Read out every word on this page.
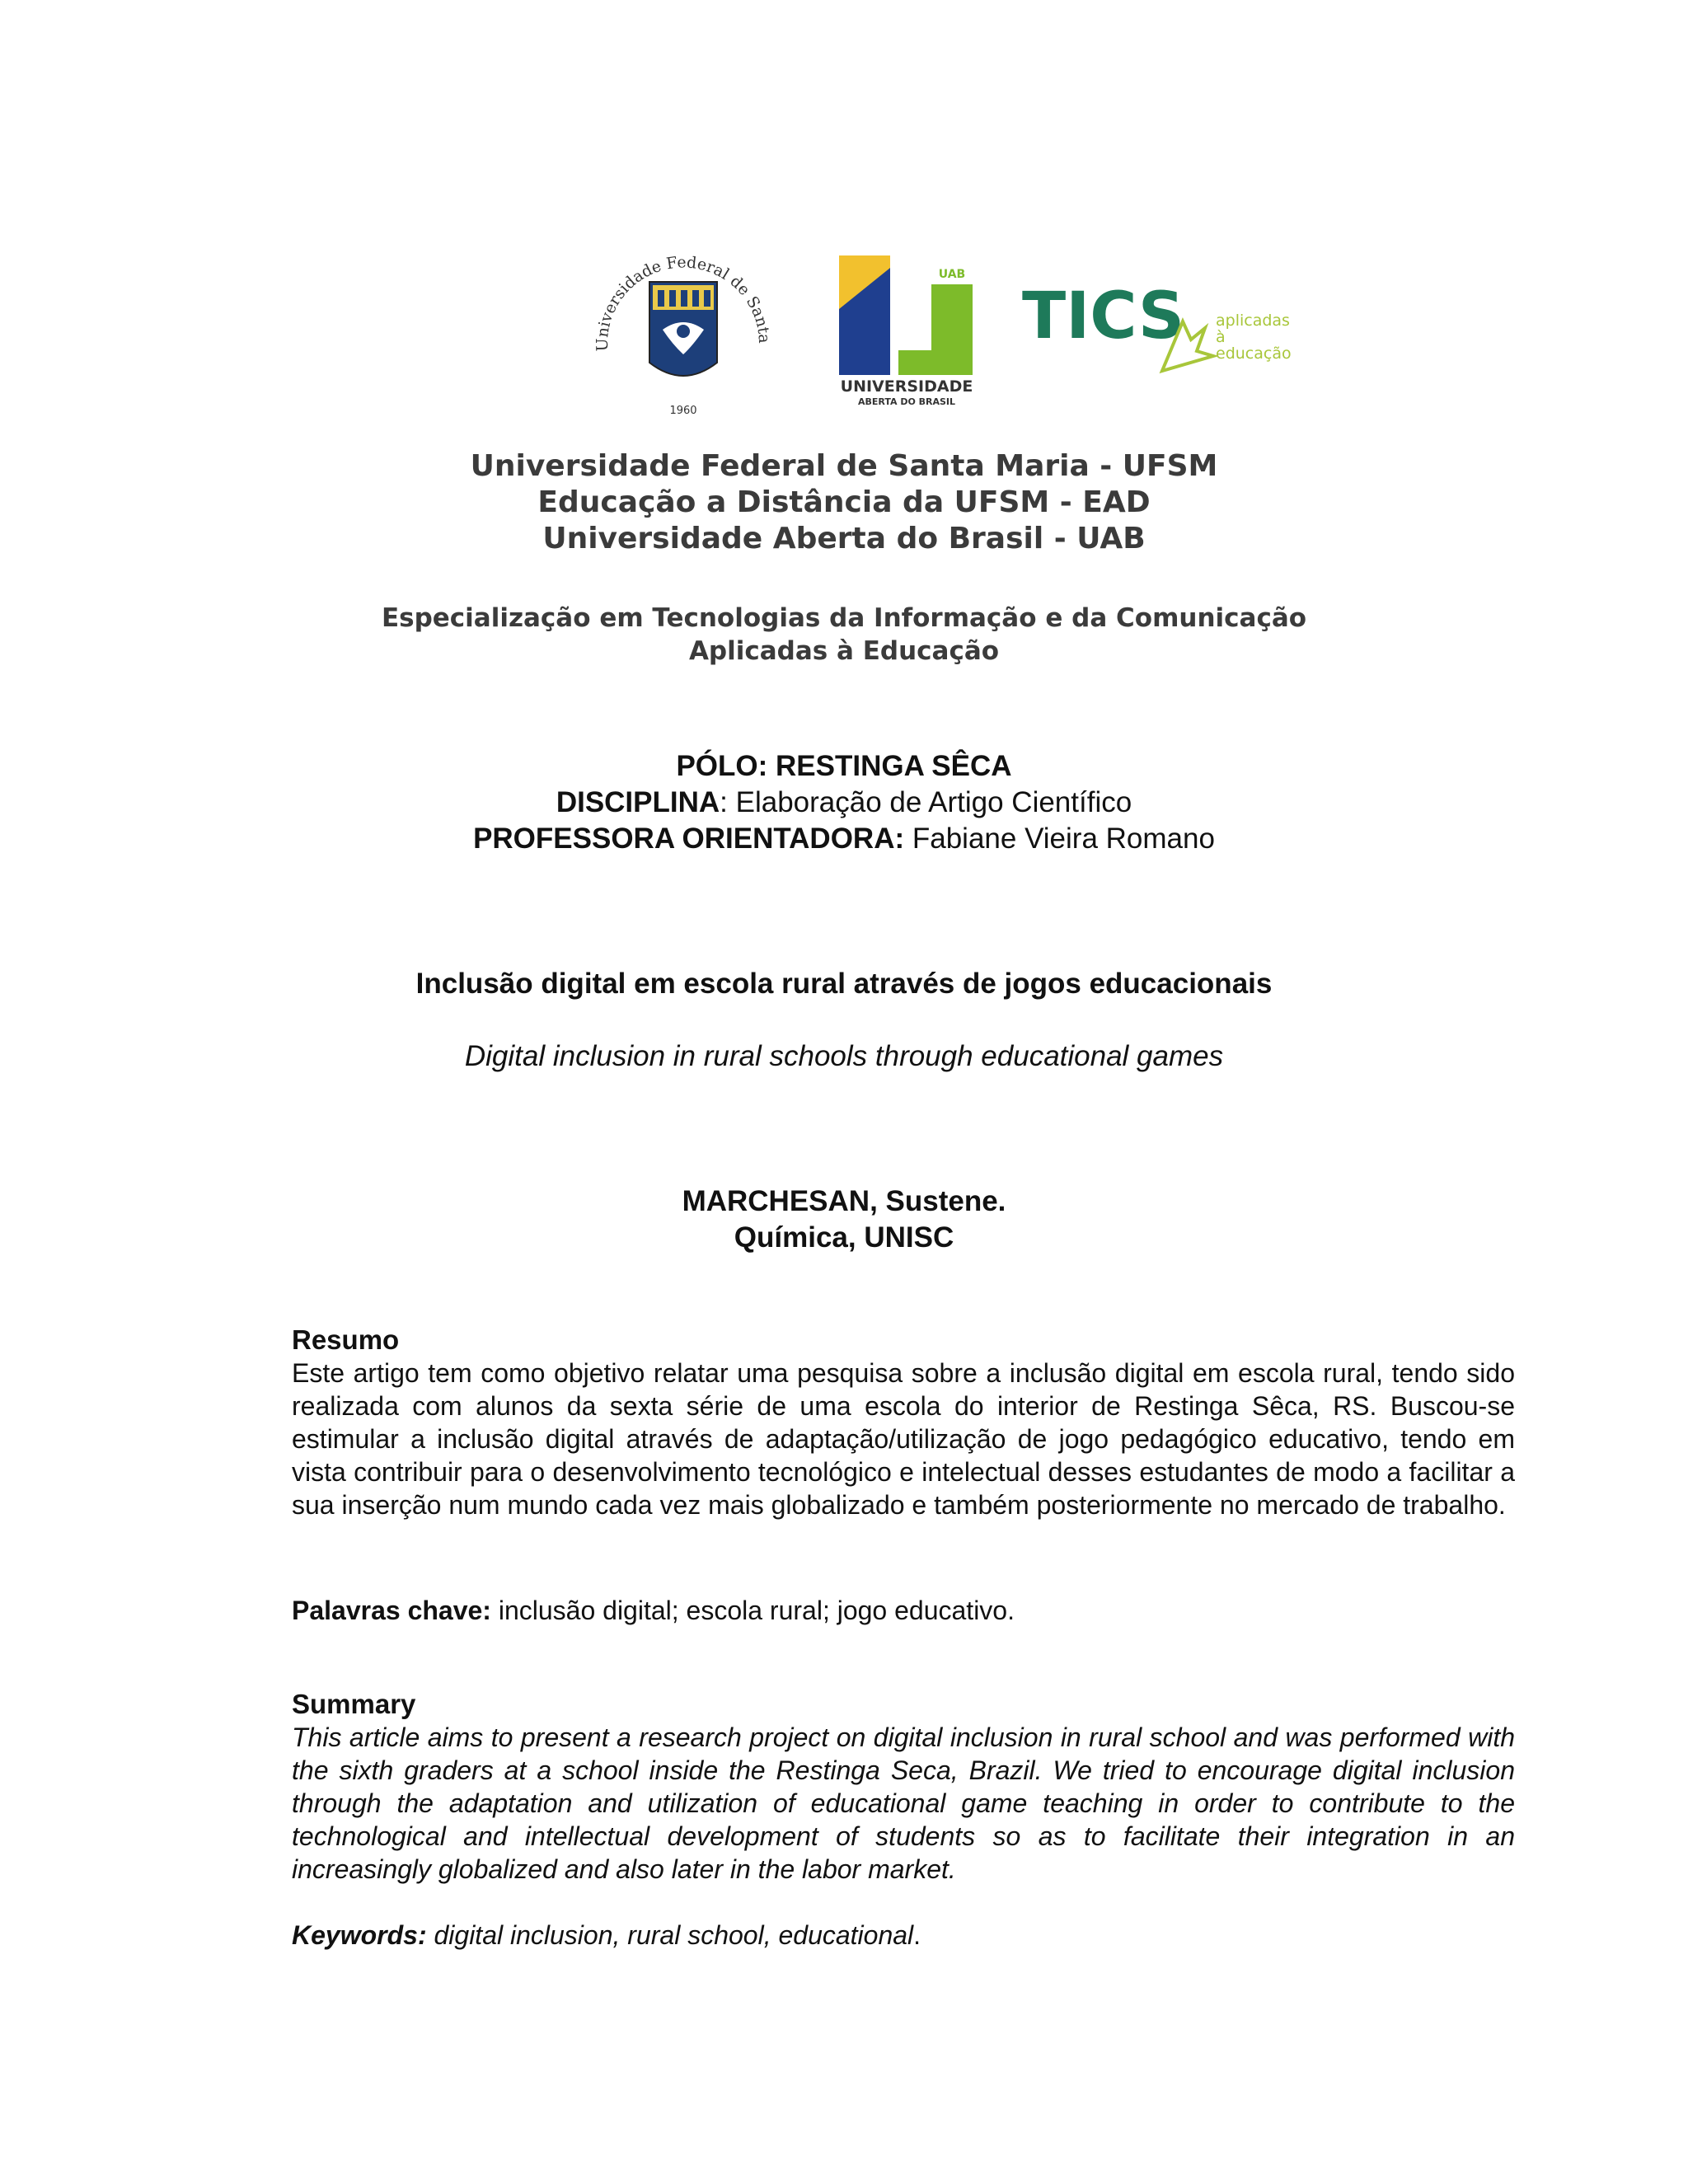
Universidade Federal de Santa
1960
UAB
UNIVERSIDADE
ABERTA DO BRASIL
TICS aplicadas
à
educação
Universidade Federal de Santa Maria - UFSM
Educação a Distância da UFSM - EAD
Universidade Aberta do Brasil - UAB
Especialização em Tecnologias da Informação e da Comunicação
Aplicadas à Educação
PÓLO: RESTINGA SÊCA
DISCIPLINA: Elaboração de Artigo Científico
PROFESSORA ORIENTADORA: Fabiane Vieira Romano
Inclusão digital em escola rural através de jogos educacionais
Digital inclusion in rural schools through educational games
MARCHESAN, Sustene.
Química, UNISC
Resumo
Este artigo tem como objetivo relatar uma pesquisa sobre a inclusão digital em escola rural, tendo sido realizada com alunos da sexta série de uma escola do interior de Restinga Sêca, RS. Buscou-se estimular a inclusão digital através de adaptação/utilização de jogo pedagógico educativo, tendo em vista contribuir para o desenvolvimento tecnológico e intelectual desses estudantes de modo a facilitar a sua inserção num mundo cada vez mais globalizado e também posteriormente no mercado de trabalho.
Palavras chave: inclusão digital; escola rural; jogo educativo.
Summary
This article aims to present a research project on digital inclusion in rural school and was performed with the sixth graders at a school inside the Restinga Seca, Brazil. We tried to encourage digital inclusion through the adaptation and utilization of educational game teaching in order to contribute to the technological and intellectual development of students so as to facilitate their integration in an increasingly globalized and also later in the labor market.
Keywords: digital inclusion, rural school, educational.
